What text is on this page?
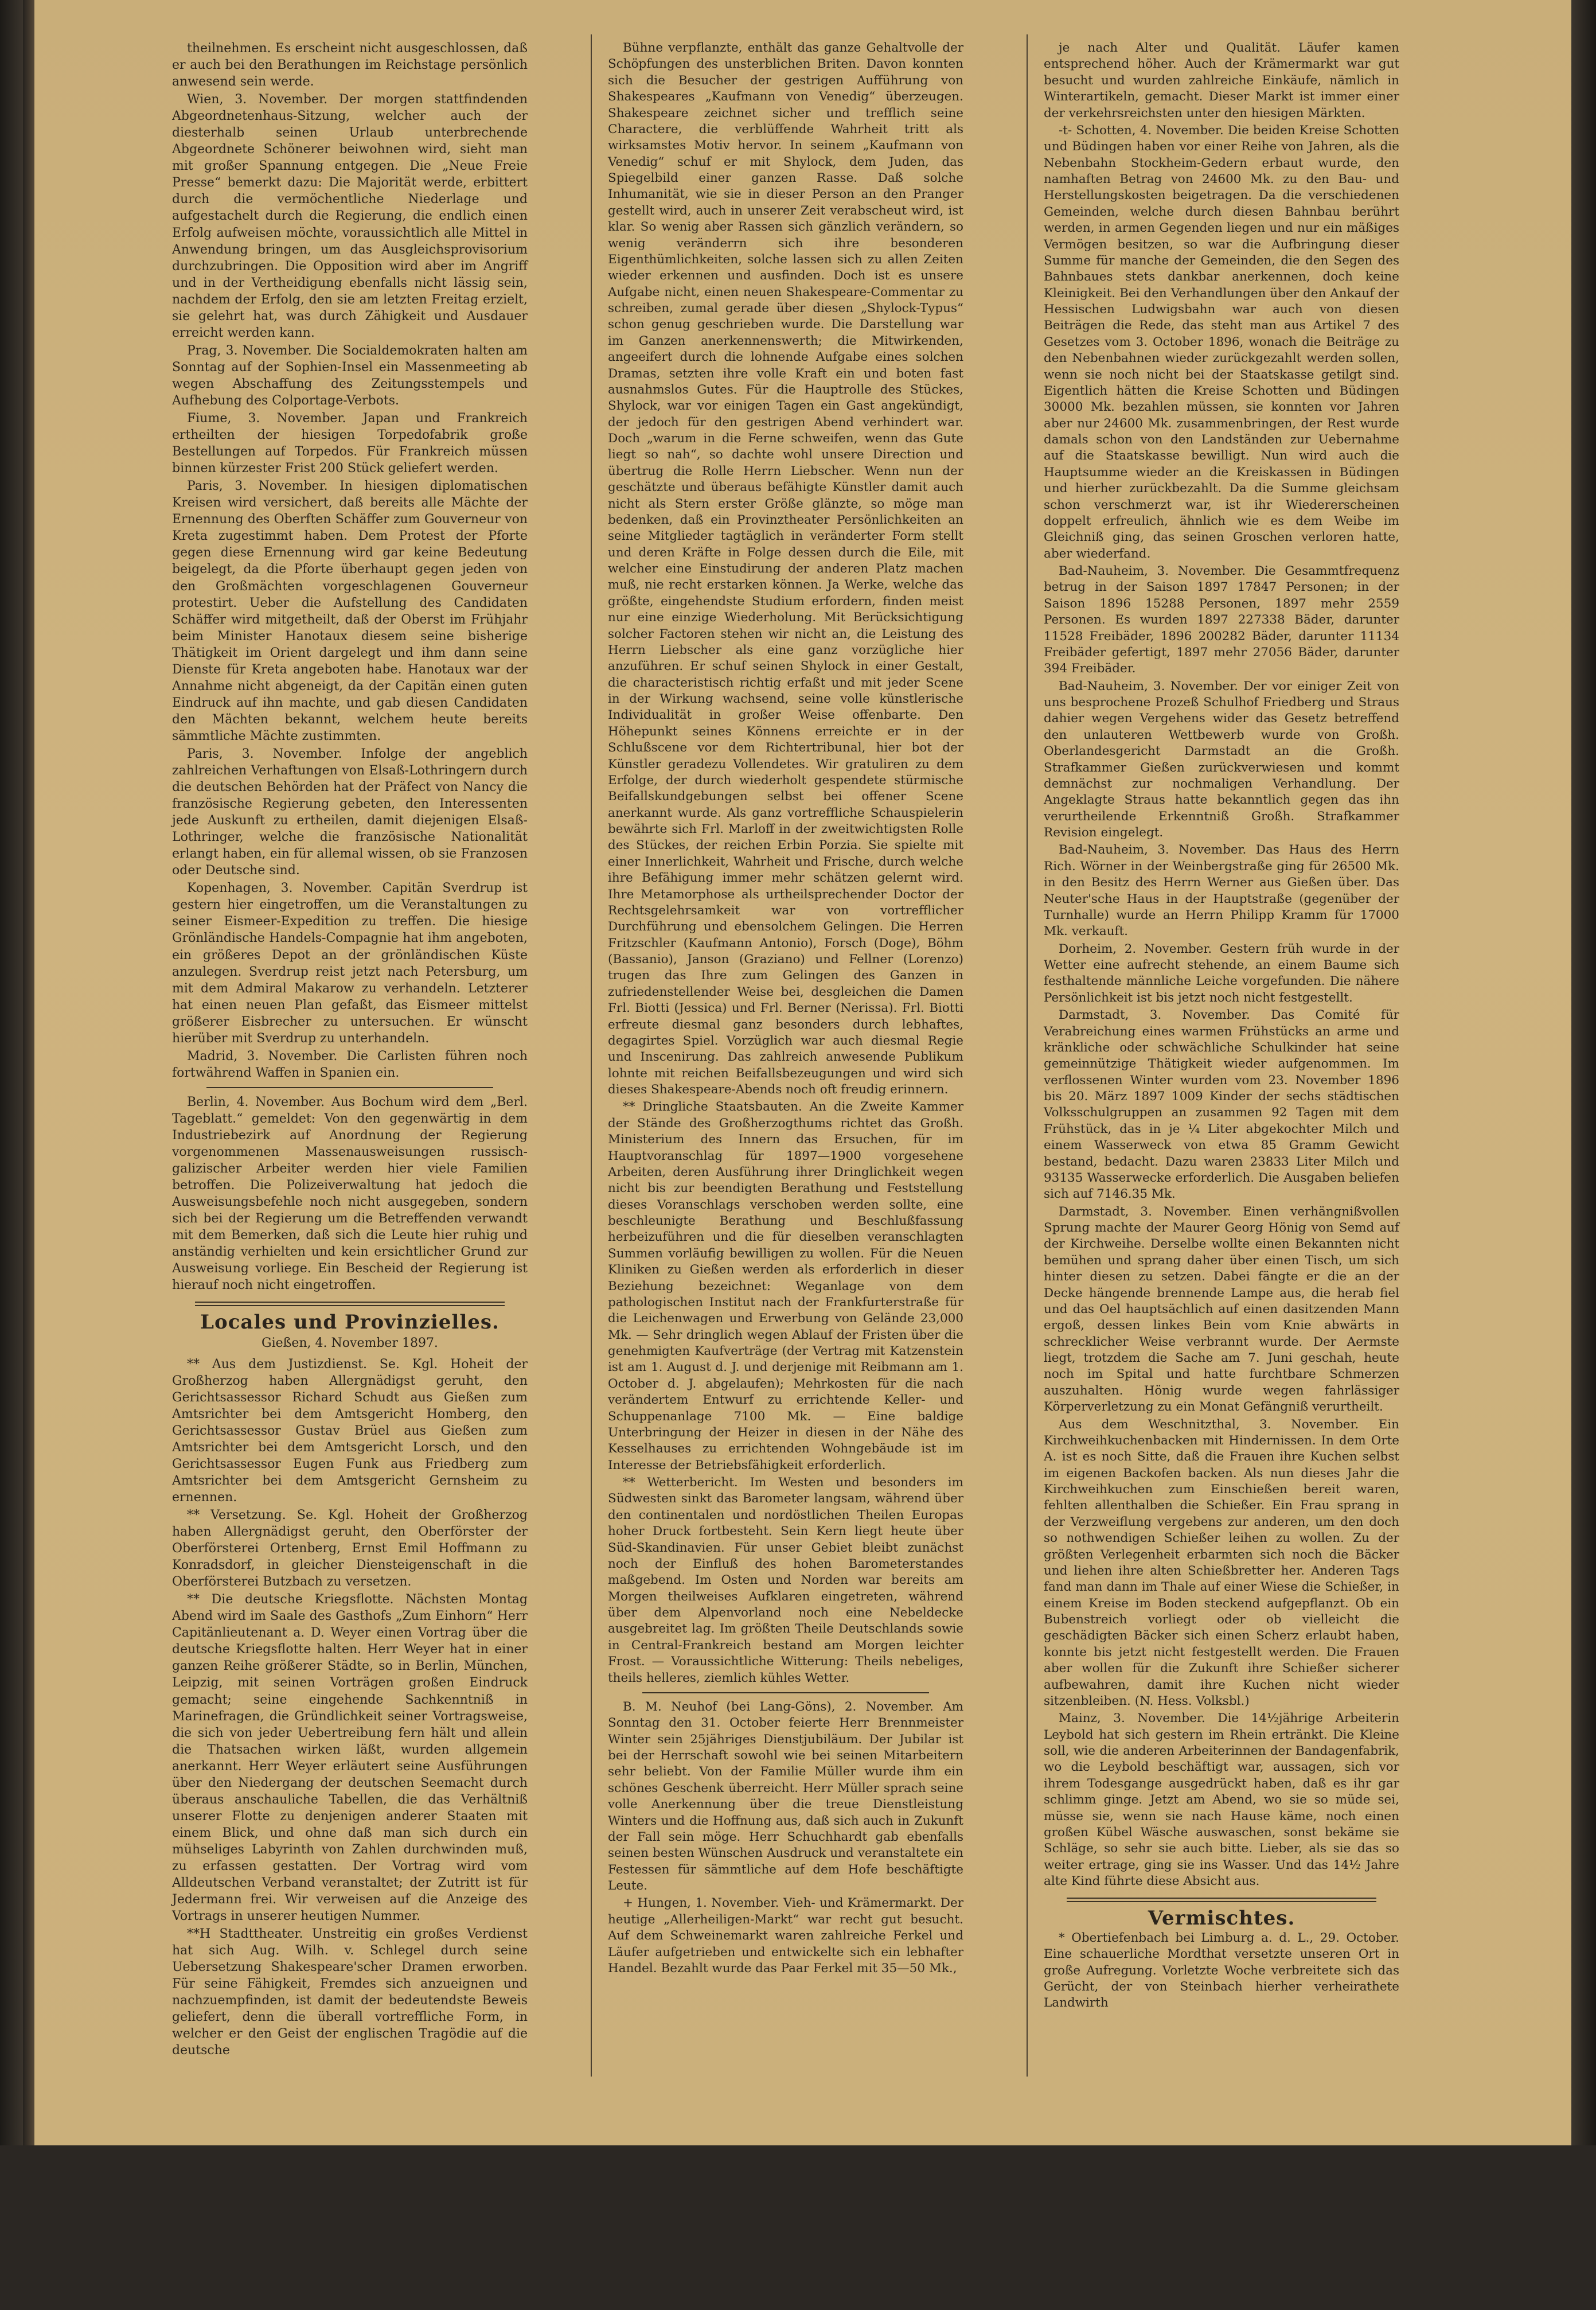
theilnehmen. Es erscheint nicht ausgeschlossen, daß er auch bei den Berathungen im Reichstage persönlich anwesend sein werde.

Wien, 3. November. Der morgen stattfindenden Abgeordnetenhaus-Sitzung, welcher auch der diesterhalb seinen Urlaub unterbrechende Abgeordnete Schönerer beiwohnen wird, sieht man mit großer Spannung entgegen. Die „Neue Freie Presse“ bemerkt dazu: Die Majorität werde, erbittert durch die vermöchentliche Niederlage und aufgestachelt durch die Regierung, die endlich einen Erfolg aufweisen möchte, voraussichtlich alle Mittel in Anwendung bringen, um das Ausgleichsprovisorium durchzubringen. Die Opposition wird aber im Angriff und in der Vertheidigung ebenfalls nicht lässig sein, nachdem der Erfolg, den sie am letzten Freitag erzielt, sie gelehrt hat, was durch Zähigkeit und Ausdauer erreicht werden kann.

Prag, 3. November. Die Socialdemokraten halten am Sonntag auf der Sophien-Insel ein Massenmeeting ab wegen Abschaffung des Zeitungsstempels und Aufhebung des Colportage-Verbots.

Fiume, 3. November. Japan und Frankreich ertheilten der hiesigen Torpedofabrik große Bestellungen auf Torpedos. Für Frankreich müssen binnen kürzester Frist 200 Stück geliefert werden.

Paris, 3. November. In hiesigen diplomatischen Kreisen wird versichert, daß bereits alle Mächte der Ernennung des Oberften Schäffer zum Gouverneur von Kreta zugestimmt haben. Dem Protest der Pforte gegen diese Ernennung wird gar keine Bedeutung beigelegt, da die Pforte überhaupt gegen jeden von den Großmächten vorgeschlagenen Gouverneur protestirt. Ueber die Aufstellung des Candidaten Schäffer wird mitgetheilt, daß der Oberst im Frühjahr beim Minister Hanotaux diesem seine bisherige Thätigkeit im Orient dargelegt und ihm dann seine Dienste für Kreta angeboten habe. Hanotaux war der Annahme nicht abgeneigt, da der Capitän einen guten Eindruck auf ihn machte, und gab diesen Candidaten den Mächten bekannt, welchem heute bereits sämmtliche Mächte zustimmten.

Paris, 3. November. Infolge der angeblich zahlreichen Verhaftungen von Elsaß-Lothringern durch die deutschen Behörden hat der Präfect von Nancy die französische Regierung gebeten, den Interessenten jede Auskunft zu ertheilen, damit diejenigen Elsaß-Lothringer, welche die französische Nationalität erlangt haben, ein für allemal wissen, ob sie Franzosen oder Deutsche sind.

Kopenhagen, 3. November. Capitän Sverdrup ist gestern hier eingetroffen, um die Veranstaltungen zu seiner Eismeer-Expedition zu treffen. Die hiesige Grönländische Handels-Compagnie hat ihm angeboten, ein größeres Depot an der grönländischen Küste anzulegen. Sverdrup reist jetzt nach Petersburg, um mit dem Admiral Makarow zu verhandeln. Letzterer hat einen neuen Plan gefaßt, das Eismeer mittelst größerer Eisbrecher zu untersuchen. Er wünscht hierüber mit Sverdrup zu unterhandeln.

Madrid, 3. November. Die Carlisten führen noch fortwährend Waffen in Spanien ein.

Berlin, 4. November. Aus Bochum wird dem „Berl. Tageblatt.“ gemeldet: Von den gegenwärtig in dem Industriebezirk auf Anordnung der Regierung vorgenommenen Massenausweisungen russisch-galizischer Arbeiter werden hier viele Familien betroffen. Die Polizeiverwaltung hat jedoch die Ausweisungsbefehle noch nicht ausgegeben, sondern sich bei der Regierung um die Betreffenden verwandt mit dem Bemerken, daß sich die Leute hier ruhig und anständig verhielten und kein ersichtlicher Grund zur Ausweisung vorliege. Ein Bescheid der Regierung ist hierauf noch nicht eingetroffen.

Locales und Provinzielles.
Gießen, 4. November 1897.

** Aus dem Justizdienst. Se. Kgl. Hoheit der Großherzog haben Allergnädigst geruht, den Gerichtsassessor Richard Schudt aus Gießen zum Amtsrichter bei dem Amtsgericht Homberg, den Gerichtsassessor Gustav Brüel aus Gießen zum Amtsrichter bei dem Amtsgericht Lorsch, und den Gerichtsassessor Eugen Funk aus Friedberg zum Amtsrichter bei dem Amtsgericht Gernsheim zu ernennen.

** Versetzung. Se. Kgl. Hoheit der Großherzog haben Allergnädigst geruht, den Oberförster der Oberförsterei Ortenberg, Ernst Emil Hoffmann zu Konradsdorf, in gleicher Diensteigenschaft in die Oberförsterei Butzbach zu versetzen.

** Die deutsche Kriegsflotte. Nächsten Montag Abend wird im Saale des Gasthofs „Zum Einhorn“ Herr Capitänlieutenant a. D. Weyer einen Vortrag über die deutsche Kriegsflotte halten. Herr Weyer hat in einer ganzen Reihe größerer Städte, so in Berlin, München, Leipzig, mit seinen Vorträgen großen Eindruck gemacht; seine eingehende Sachkenntniß in Marinefragen, die Gründlichkeit seiner Vortragsweise, die sich von jeder Uebertreibung fern hält und allein die Thatsachen wirken läßt, wurden allgemein anerkannt. Herr Weyer erläutert seine Ausführungen über den Niedergang der deutschen Seemacht durch überaus anschauliche Tabellen, die das Verhältniß unserer Flotte zu denjenigen anderer Staaten mit einem Blick, und ohne daß man sich durch ein mühseliges Labyrinth von Zahlen durchwinden muß, zu erfassen gestatten. Der Vortrag wird vom Alldeutschen Verband veranstaltet; der Zutritt ist für Jedermann frei. Wir verweisen auf die Anzeige des Vortrags in unserer heutigen Nummer.

**H Stadttheater. Unstreitig ein großes Verdienst hat sich Aug. Wilh. v. Schlegel durch seine Uebersetzung Shakespeare'scher Dramen erworben. Für seine Fähigkeit, Fremdes sich anzueignen und nachzuempfinden, ist damit der bedeutendste Beweis geliefert, denn die überall vortreffliche Form, in welcher er den Geist der englischen Tragödie auf die deutsche

Bühne verpflanzte, enthält das ganze Gehaltvolle der Schöpfungen des unsterblichen Briten. Davon konnten sich die Besucher der gestrigen Aufführung von Shakespeares „Kaufmann von Venedig“ überzeugen. Shakespeare zeichnet sicher und trefflich seine Charactere, die verblüffende Wahrheit tritt als wirksamstes Motiv hervor. In seinem „Kaufmann von Venedig“ schuf er mit Shylock, dem Juden, das Spiegelbild einer ganzen Rasse. Daß solche Inhumanität, wie sie in dieser Person an den Pranger gestellt wird, auch in unserer Zeit verabscheut wird, ist klar. So wenig aber Rassen sich gänzlich verändern, so wenig veränderrn sich ihre besonderen Eigenthümlichkeiten, solche lassen sich zu allen Zeiten wieder erkennen und ausfinden. Doch ist es unsere Aufgabe nicht, einen neuen Shakespeare-Commentar zu schreiben, zumal gerade über diesen „Shylock-Typus“ schon genug geschrieben wurde. Die Darstellung war im Ganzen anerkennenswerth; die Mitwirkenden, angeeifert durch die lohnende Aufgabe eines solchen Dramas, setzten ihre volle Kraft ein und boten fast ausnahmslos Gutes. Für die Hauptrolle des Stückes, Shylock, war vor einigen Tagen ein Gast angekündigt, der jedoch für den gestrigen Abend verhindert war. Doch „warum in die Ferne schweifen, wenn das Gute liegt so nah“, so dachte wohl unsere Direction und übertrug die Rolle Herrn Liebscher. Wenn nun der geschätzte und überaus befähigte Künstler damit auch nicht als Stern erster Größe glänzte, so möge man bedenken, daß ein Provinztheater Persönlichkeiten an seine Mitglieder tagtäglich in veränderter Form stellt und deren Kräfte in Folge dessen durch die Eile, mit welcher eine Einstudirung der anderen Platz machen muß, nie recht erstarken können. Ja Werke, welche das größte, eingehendste Studium erfordern, finden meist nur eine einzige Wiederholung. Mit Berücksichtigung solcher Factoren stehen wir nicht an, die Leistung des Herrn Liebscher als eine ganz vorzügliche hier anzuführen. Er schuf seinen Shylock in einer Gestalt, die characteristisch richtig erfaßt und mit jeder Scene in der Wirkung wachsend, seine volle künstlerische Individualität in großer Weise offenbarte. Den Höhepunkt seines Könnens erreichte er in der Schlußscene vor dem Richtertribunal, hier bot der Künstler geradezu Vollendetes. Wir gratuliren zu dem Erfolge, der durch wiederholt gespendete stürmische Beifallskundgebungen selbst bei offener Scene anerkannt wurde. Als ganz vortreffliche Schauspielerin bewährte sich Frl. Marloff in der zweitwichtigsten Rolle des Stückes, der reichen Erbin Porzia. Sie spielte mit einer Innerlichkeit, Wahrheit und Frische, durch welche ihre Befähigung immer mehr schätzen gelernt wird. Ihre Metamorphose als urtheilsprechender Doctor der Rechtsgelehrsamkeit war von vortrefflicher Durchführung und ebensolchem Gelingen. Die Herren Fritzschler (Kaufmann Antonio), Forsch (Doge), Böhm (Bassanio), Janson (Graziano) und Fellner (Lorenzo) trugen das Ihre zum Gelingen des Ganzen in zufriedenstellender Weise bei, desgleichen die Damen Frl. Biotti (Jessica) und Frl. Berner (Nerissa). Frl. Biotti erfreute diesmal ganz besonders durch lebhaftes, degagirtes Spiel. Vorzüglich war auch diesmal Regie und Inscenirung. Das zahlreich anwesende Publikum lohnte mit reichen Beifallsbezeugungen und wird sich dieses Shakespeare-Abends noch oft freudig erinnern.

** Dringliche Staatsbauten. An die Zweite Kammer der Stände des Großherzogthums richtet das Großh. Ministerium des Innern das Ersuchen, für im Hauptvoranschlag für 1897—1900 vorgesehene Arbeiten, deren Ausführung ihrer Dringlichkeit wegen nicht bis zur beendigten Berathung und Feststellung dieses Voranschlags verschoben werden sollte, eine beschleunigte Berathung und Beschlußfassung herbeizuführen und die für dieselben veranschlagten Summen vorläufig bewilligen zu wollen. Für die Neuen Kliniken zu Gießen werden als erforderlich in dieser Beziehung bezeichnet: Weganlage von dem pathologischen Institut nach der Frankfurterstraße für die Leichenwagen und Erwerbung von Gelände 23,000 Mk. — Sehr dringlich wegen Ablauf der Fristen über die genehmigten Kaufverträge (der Vertrag mit Katzenstein ist am 1. August d. J. und derjenige mit Reibmann am 1. October d. J. abgelaufen); Mehrkosten für die nach verändertem Entwurf zu errichtende Keller- und Schuppenanlage 7100 Mk. — Eine baldige Unterbringung der Heizer in diesen in der Nähe des Kesselhauses zu errichtenden Wohngebäude ist im Interesse der Betriebsfähigkeit erforderlich.

** Wetterbericht. Im Westen und besonders im Südwesten sinkt das Barometer langsam, während über den continentalen und nordöstlichen Theilen Europas hoher Druck fortbesteht. Sein Kern liegt heute über Süd-Skandinavien. Für unser Gebiet bleibt zunächst noch der Einfluß des hohen Barometerstandes maßgebend. Im Osten und Norden war bereits am Morgen theilweises Aufklaren eingetreten, während über dem Alpenvorland noch eine Nebeldecke ausgebreitet lag. Im größten Theile Deutschlands sowie in Central-Frankreich bestand am Morgen leichter Frost. — Voraussichtliche Witterung: Theils nebeliges, theils helleres, ziemlich kühles Wetter.

B. M. Neuhof (bei Lang-Göns), 2. November. Am Sonntag den 31. October feierte Herr Brennmeister Winter sein 25jähriges Dienstjubiläum. Der Jubilar ist bei der Herrschaft sowohl wie bei seinen Mitarbeitern sehr beliebt. Von der Familie Müller wurde ihm ein schönes Geschenk überreicht. Herr Müller sprach seine volle Anerkennung über die treue Dienstleistung Winters und die Hoffnung aus, daß sich auch in Zukunft der Fall sein möge. Herr Schuchhardt gab ebenfalls seinen besten Wünschen Ausdruck und veranstaltete ein Festessen für sämmtliche auf dem Hofe beschäftigte Leute.

+ Hungen, 1. November. Vieh- und Krämermarkt. Der heutige „Allerheiligen-Markt“ war recht gut besucht. Auf dem Schweinemarkt waren zahlreiche Ferkel und Läufer aufgetrieben und entwickelte sich ein lebhafter Handel. Bezahlt wurde das Paar Ferkel mit 35—50 Mk.,

je nach Alter und Qualität. Läufer kamen entsprechend höher. Auch der Krämermarkt war gut besucht und wurden zahlreiche Einkäufe, nämlich in Winterartikeln, gemacht. Dieser Markt ist immer einer der verkehrsreichsten unter den hiesigen Märkten.

-t- Schotten, 4. November. Die beiden Kreise Schotten und Büdingen haben vor einer Reihe von Jahren, als die Nebenbahn Stockheim-Gedern erbaut wurde, den namhaften Betrag von 24600 Mk. zu den Bau- und Herstellungskosten beigetragen. Da die verschiedenen Gemeinden, welche durch diesen Bahnbau berührt werden, in armen Gegenden liegen und nur ein mäßiges Vermögen besitzen, so war die Aufbringung dieser Summe für manche der Gemeinden, die den Segen des Bahnbaues stets dankbar anerkennen, doch keine Kleinigkeit. Bei den Verhandlungen über den Ankauf der Hessischen Ludwigsbahn war auch von diesen Beiträgen die Rede, das steht man aus Artikel 7 des Gesetzes vom 3. October 1896, wonach die Beiträge zu den Nebenbahnen wieder zurückgezahlt werden sollen, wenn sie noch nicht bei der Staatskasse getilgt sind. Eigentlich hätten die Kreise Schotten und Büdingen 30000 Mk. bezahlen müssen, sie konnten vor Jahren aber nur 24600 Mk. zusammenbringen, der Rest wurde damals schon von den Landständen zur Uebernahme auf die Staatskasse bewilligt. Nun wird auch die Hauptsumme wieder an die Kreiskassen in Büdingen und hierher zurückbezahlt. Da die Summe gleichsam schon verschmerzt war, ist ihr Wiedererscheinen doppelt erfreulich, ähnlich wie es dem Weibe im Gleichniß ging, das seinen Groschen verloren hatte, aber wiederfand.

Bad-Nauheim, 3. November. Die Gesammtfrequenz betrug in der Saison 1897 17847 Personen; in der Saison 1896 15288 Personen, 1897 mehr 2559 Personen. Es wurden 1897 227338 Bäder, darunter 11528 Freibäder, 1896 200282 Bäder, darunter 11134 Freibäder gefertigt, 1897 mehr 27056 Bäder, darunter 394 Freibäder.

Bad-Nauheim, 3. November. Der vor einiger Zeit von uns besprochene Prozeß Schulhof Friedberg und Straus dahier wegen Vergehens wider das Gesetz betreffend den unlauteren Wettbewerb wurde von Großh. Oberlandesgericht Darmstadt an die Großh. Strafkammer Gießen zurückverwiesen und kommt demnächst zur nochmaligen Verhandlung. Der Angeklagte Straus hatte bekanntlich gegen das ihn verurtheilende Erkenntniß Großh. Strafkammer Revision eingelegt.

Bad-Nauheim, 3. November. Das Haus des Herrn Rich. Wörner in der Weinbergstraße ging für 26500 Mk. in den Besitz des Herrn Werner aus Gießen über. Das Neuter'sche Haus in der Hauptstraße (gegenüber der Turnhalle) wurde an Herrn Philipp Kramm für 17000 Mk. verkauft.

Dorheim, 2. November. Gestern früh wurde in der Wetter eine aufrecht stehende, an einem Baume sich festhaltende männliche Leiche vorgefunden. Die nähere Persönlichkeit ist bis jetzt noch nicht festgestellt.

Darmstadt, 3. November. Das Comité für Verabreichung eines warmen Frühstücks an arme und kränkliche oder schwächliche Schulkinder hat seine gemeinnützige Thätigkeit wieder aufgenommen. Im verflossenen Winter wurden vom 23. November 1896 bis 20. März 1897 1009 Kinder der sechs städtischen Volksschulgruppen an zusammen 92 Tagen mit dem Frühstück, das in je ¼ Liter abgekochter Milch und einem Wasserweck von etwa 85 Gramm Gewicht bestand, bedacht. Dazu waren 23833 Liter Milch und 93135 Wasserwecke erforderlich. Die Ausgaben beliefen sich auf 7146.35 Mk.

Darmstadt, 3. November. Einen verhängnißvollen Sprung machte der Maurer Georg Hönig von Semd auf der Kirchweihe. Derselbe wollte einen Bekannten nicht bemühen und sprang daher über einen Tisch, um sich hinter diesen zu setzen. Dabei fängte er die an der Decke hängende brennende Lampe aus, die herab fiel und das Oel hauptsächlich auf einen dasitzenden Mann ergoß, dessen linkes Bein vom Knie abwärts in schrecklicher Weise verbrannt wurde. Der Aermste liegt, trotzdem die Sache am 7. Juni geschah, heute noch im Spital und hatte furchtbare Schmerzen auszuhalten. Hönig wurde wegen fahrlässiger Körperverletzung zu ein Monat Gefängniß verurtheilt.

Aus dem Weschnitzthal, 3. November. Ein Kirchweihkuchenbacken mit Hindernissen. In dem Orte A. ist es noch Sitte, daß die Frauen ihre Kuchen selbst im eigenen Backofen backen. Als nun dieses Jahr die Kirchweihkuchen zum Einschießen bereit waren, fehlten allenthalben die Schießer. Ein Frau sprang in der Verzweiflung vergebens zur anderen, um den doch so nothwendigen Schießer leihen zu wollen. Zu der größten Verlegenheit erbarmten sich noch die Bäcker und liehen ihre alten Schießbretter her. Anderen Tags fand man dann im Thale auf einer Wiese die Schießer, in einem Kreise im Boden steckend aufgepflanzt. Ob ein Bubenstreich vorliegt oder ob vielleicht die geschädigten Bäcker sich einen Scherz erlaubt haben, konnte bis jetzt nicht festgestellt werden. Die Frauen aber wollen für die Zukunft ihre Schießer sicherer aufbewahren, damit ihre Kuchen nicht wieder sitzenbleiben. (N. Hess. Volksbl.)

Mainz, 3. November. Die 14½jährige Arbeiterin Leybold hat sich gestern im Rhein ertränkt. Die Kleine soll, wie die anderen Arbeiterinnen der Bandagenfabrik, wo die Leybold beschäftigt war, aussagen, sich vor ihrem Todesgange ausgedrückt haben, daß es ihr gar schlimm ginge. Jetzt am Abend, wo sie so müde sei, müsse sie, wenn sie nach Hause käme, noch einen großen Kübel Wäsche auswaschen, sonst bekäme sie Schläge, so sehr sie auch bitte. Lieber, als sie das so weiter ertrage, ging sie ins Wasser. Und das 14½ Jahre alte Kind führte diese Absicht aus.

Vermischtes.

* Obertiefenbach bei Limburg a. d. L., 29. October. Eine schauerliche Mordthat versetzte unseren Ort in große Aufregung. Vorletzte Woche verbreitete sich das Gerücht, der von Steinbach hierher verheirathete Landwirth
